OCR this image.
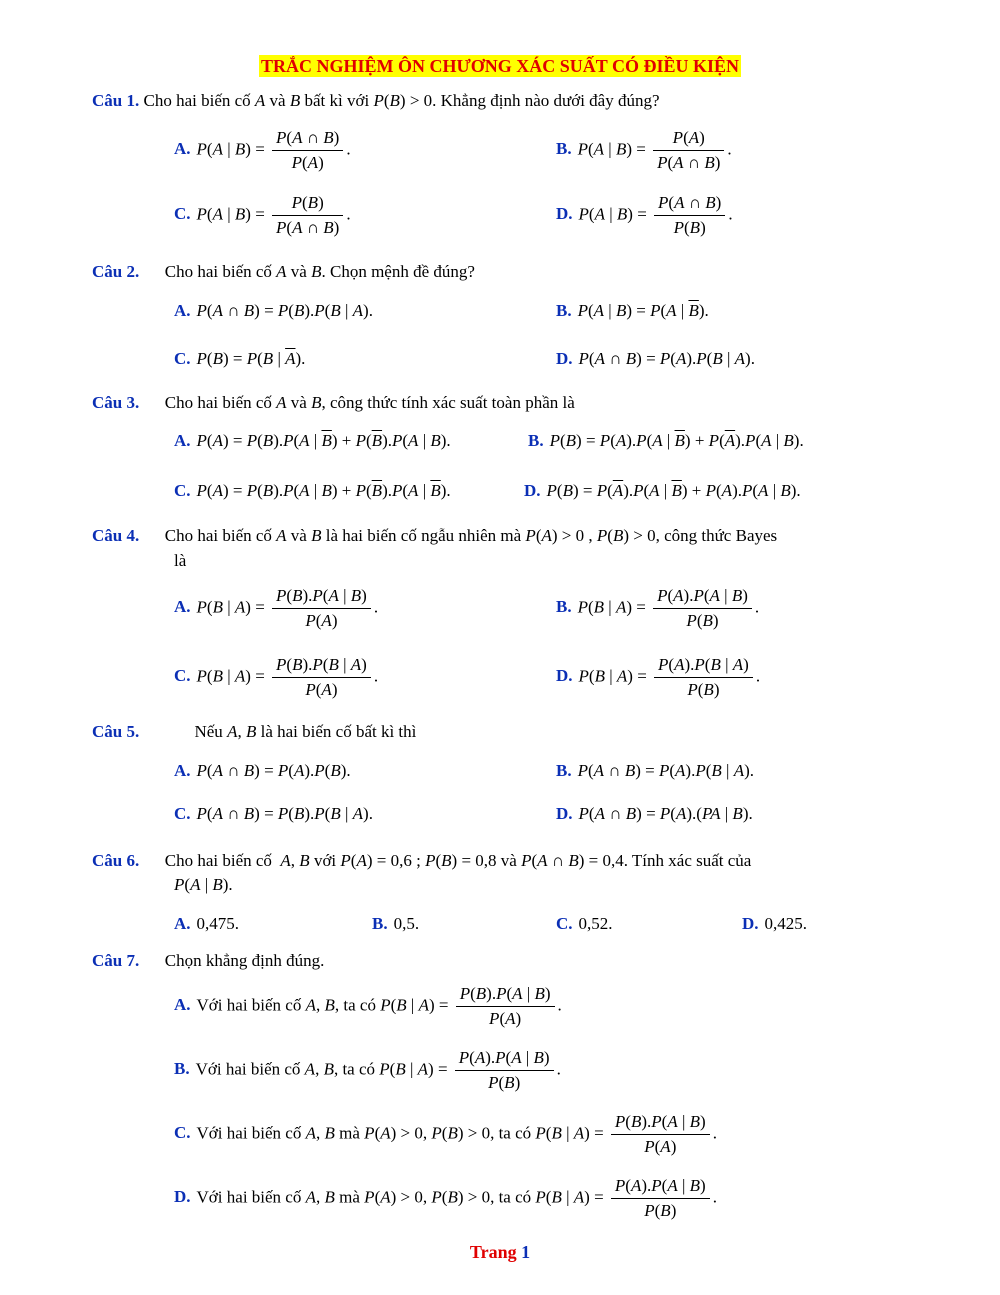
TRẮC NGHIỆM ÔN CHƯƠNG XÁC SUẤT CÓ ĐIỀU KIỆN
Câu 1. Cho hai biến cố A và B bất kì với P(B) > 0. Khẳng định nào dưới đây đúng?
A. P(A | $B) = \frac{P(A \cap B)}{P(A)}$ .	B. P(A | $B) = \frac{P(A)}{P(A \cap B)}$ .
C. P(A | $B) = \frac{P(B)}{P(A \cap B)}$ .	D. P(A | $B) = \frac{P(A \cap B)}{P(B)}$ .
Câu 2. Cho hai biến cố A và B. Chọn mệnh đề đúng?
A. P(A ∩ B) = P(B).P(B | A).	B. P(A | B) = P(A | $\overline{B}$).
C. P(B) = P(B | $\overline{A}$).	D. P(A ∩ B) = P(A).P(B | A).
Câu 3. Cho hai biến cố A và B, công thức tính xác suất toàn phần là
A. P(A) = P(B).P(A | $\overline{B}) + P(\overline{B}).P(A$ | B).	B. P(B) = P(A).P(A | $\overline{B}) + P(\overline{A}).P(A$ | B).
C. P(A) = P(B).P(A | $B) + P(\overline{B}).P(A$ | $\overline{B}$).	D. $P(B) = P(\overline{A}).P(A$ | $\overline{B}) + P(A).P(A$ | B).
Câu 4. Cho hai biến cố A và B là hai biến cố ngẫu nhiên mà P(A) > 0 , P(B) > 0, công thức Bayes
là
A. P(B | $A) = \frac{P(B).P(A | B)}{P(A)}$ .	B. P(B | $A) = \frac{P(A).P(A | B)}{P(B)}$ .
C. P(B | $A) = \frac{P(B).P(B | A)}{P(A)}$ .	D. P(B | $A) = \frac{P(A).P(B | A)}{P(B)}$ .
Câu 5.	Nếu A, B là hai biến cố bất kì thì
A. P(A ∩ B) = P(A).P(B).	B. P(A ∩ B) = P(A).P(B | A).
C. P(A ∩ B) = P(B).P(B | A).	D. P(A ∩ B) = P(A).(PA | B).
Câu 6. Cho hai biến cố A, B với P(A) = 0,6 ; P(B) = 0,8 và P(A ∩ B) = 0,4. Tính xác suất của
P(A | B).
A. 0,475.	B. 0,5.	C. 0,52.	D. 0,425.
Câu 7. Chọn khẳng định đúng.
A. Với hai biến cố A, B, ta có P(B | $A) = \frac{P(B).P(A | B)}{P(A)}$ .
B. Với hai biến cố A, B, ta có P(B | $A) = \frac{P(A).P(A | B)}{P(B)}$ .
C. Với hai biến cố A, B mà P(A) > 0, P(B) > 0, ta có P(B | $A) = \frac{P(B).P(A | B)}{P(A)}$ .
D. Với hai biến cố A, B mà P(A) > 0, P(B) > 0, ta có P(B | $A) = \frac{P(A).P(A | B)}{P(B)}$ .
Trang 1
